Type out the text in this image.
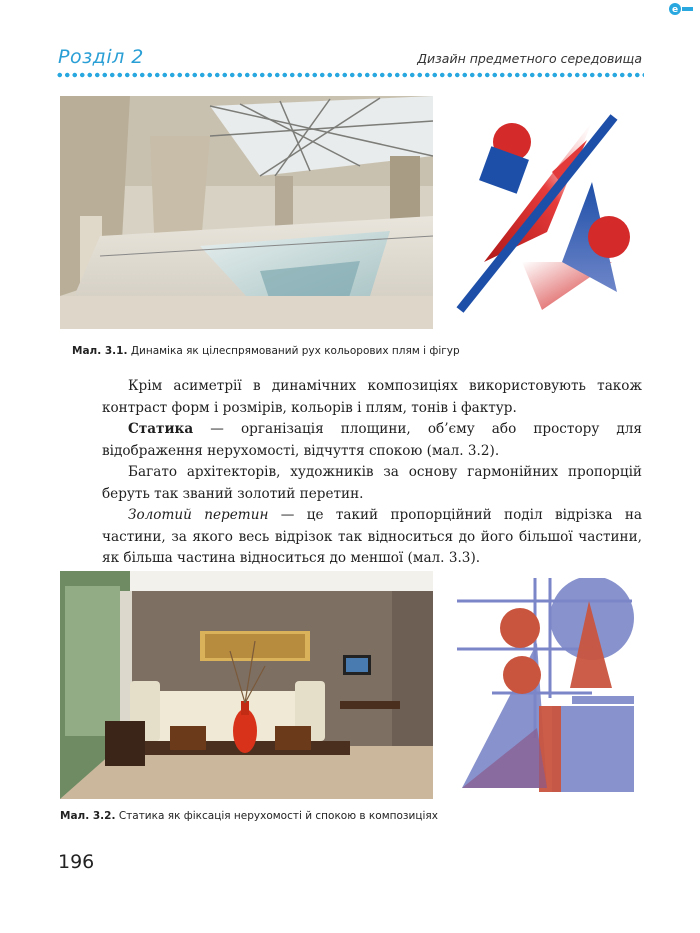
e
Розділ 2	Дизайн предметного середовища
Мал. 3.1. Динаміка як цілеспрямований рух кольорових плям і фігур

Крім асиметрії в динамічних композиціях використовують також контраст форм і розмірів, кольорів і плям, тонів і фактур.

Статика — організація площини, об’єму або простору для відображення нерухомості, відчуття спокою (мал. 3.2).

Багато архітекторів, художників за основу гармонійних пропорцій беруть так званий золотий перетин.

Золотий перетин — це такий пропорційний поділ відрізка на частини, за якого весь відрізок так відноситься до його більшої частини, як більша частина відноситься до меншої (мал. 3.3).

Мал. 3.2. Статика як фіксація нерухомості й спокою в композиціях
196
